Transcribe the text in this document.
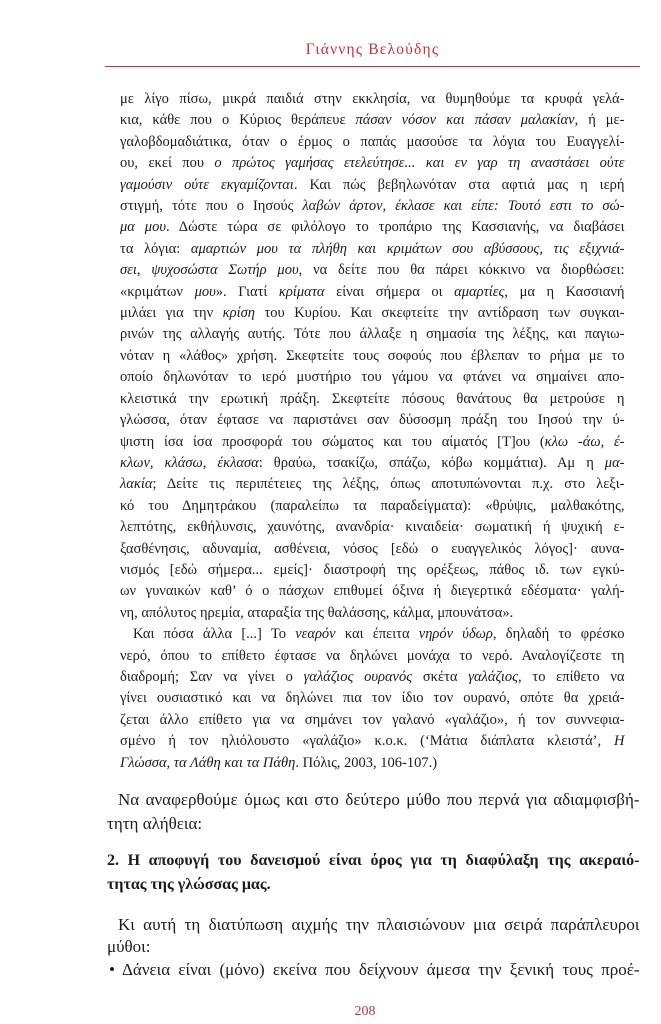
Γιάννης Βελούδης
με λίγο πίσω, μικρά παιδιά στην εκκλησία, να θυμηθούμε τα κρυφά γελά-
κια, κάθε που ο Κύριος θεράπευε πάσαν νόσον και πάσαν μαλακίαν, ή με-
γαλοβδομαδιάτικα, όταν ο έρμος ο παπάς μασούσε τα λόγια του Ευαγγελί-
ου, εκεί που ο πρώτος γαμήσας ετελεύτησε... και εν γαρ τη αναστάσει ούτε
γαμούσιν ούτε εκγαμίζονται. Και πώς βεβηλωνόταν στα αφτιά μας η ιερή
στιγμή, τότε που ο Ιησούς λαβών άρτον, έκλασε και είπε: Τουτό εστι το σώ-
μα μου. Δώστε τώρα σε φιλόλογο το τροπάριο της Κασσιανής, να διαβάσει
τα λόγια: αμαρτιών μου τα πλήθη και κριμάτων σου αβύσσους, τις εξιχνιά-
σει, ψυχοσώστα Σωτήρ μου, να δείτε που θα πάρει κόκκινο να διορθώσει:
«κριμάτων μου». Γιατί κρίματα είναι σήμερα οι αμαρτίες, μα η Κασσιανή
μιλάει για την κρίση του Κυρίου. Και σκεφτείτε την αντίδραση των συγκαι-
ρινών της αλλαγής αυτής. Τότε που άλλαξε η σημασία της λέξης, και παγιω-
νόταν η «λάθος» χρήση. Σκεφτείτε τους σοφούς που έβλεπαν το ρήμα με το
οποίο δηλωνόταν το ιερό μυστήριο του γάμου να φτάνει να σημαίνει απο-
κλειστικά την ερωτική πράξη. Σκεφτείτε πόσους θανάτους θα μετρούσε η
γλώσσα, όταν έφτασε να παριστάνει σαν δύσοσμη πράξη του Ιησού την ύ-
ψιστη ίσα ίσα προσφορά του σώματος και του αίματός [Τ]ου (κλω -άω, έ-
κλων, κλάσω, έκλασα: θραύω, τσακίζω, σπάζω, κόβω κομμάτια). Αμ η μα-
λακία; Δείτε τις περιπέτειες της λέξης, όπως αποτυπώνονται π.χ. στο λεξι-
κό του Δημητράκου (παραλείπω τα παραδείγματα): «θρύψις, μαλθακότης,
λεπτότης, εκθήλυνσις, χαυνότης, ανανδρία· κιναιδεία· σωματική ή ψυχική ε-
ξασθένησις, αδυναμία, ασθένεια, νόσος [εδώ ο ευαγγελικός λόγος]· αυνα-
νισμός [εδώ σήμερα... εμείς]· διαστροφή της ορέξεως, πάθος ιδ. των εγκύ-
ων γυναικών καθ’ ό ο πάσχων επιθυμεί όξινα ή διεγερτικά εδέσματα· γαλή-
νη, απόλυτος ηρεμία, αταραξία της θαλάσσης, κάλμα, μπουνάτσα».
Και πόσα άλλα [...] Το νεαρόν και έπειτα νηρόν ύδωρ, δηλαδή το φρέσκο
νερό, όπου το επίθετο έφτασε να δηλώνει μονάχα το νερό. Αναλογίζεστε τη
διαδρομή; Σαν να γίνει ο γαλάζιος ουρανός σκέτα γαλάζιος, το επίθετο να
γίνει ουσιαστικό και να δηλώνει πια τον ίδιο τον ουρανό, οπότε θα χρειά-
ζεται άλλο επίθετο για να σημάνει τον γαλανό «γαλάζιο», ή τον συννεφια-
σμένο ή τον ηλιόλουστο «γαλάζιο» κ.ο.κ. (‘Μάτια διάπλατα κλειστά’, Η
Γλώσσα, τα Λάθη και τα Πάθη. Πόλις, 2003, 106-107.)
Να αναφερθούμε όμως και στο δεύτερο μύθο που περνά για αδιαμφισβή-
τητη αλήθεια:
2. Η αποφυγή του δανεισμού είναι όρος για τη διαφύλαξη της ακεραιό-
τητας της γλώσσας μας.
Κι αυτή τη διατύπωση αιχμής την πλαισιώνουν μια σειρά παράπλευροι
μύθοι:
• Δάνεια είναι (μόνο) εκείνα που δείχνουν άμεσα την ξενική τους προέ-
208
